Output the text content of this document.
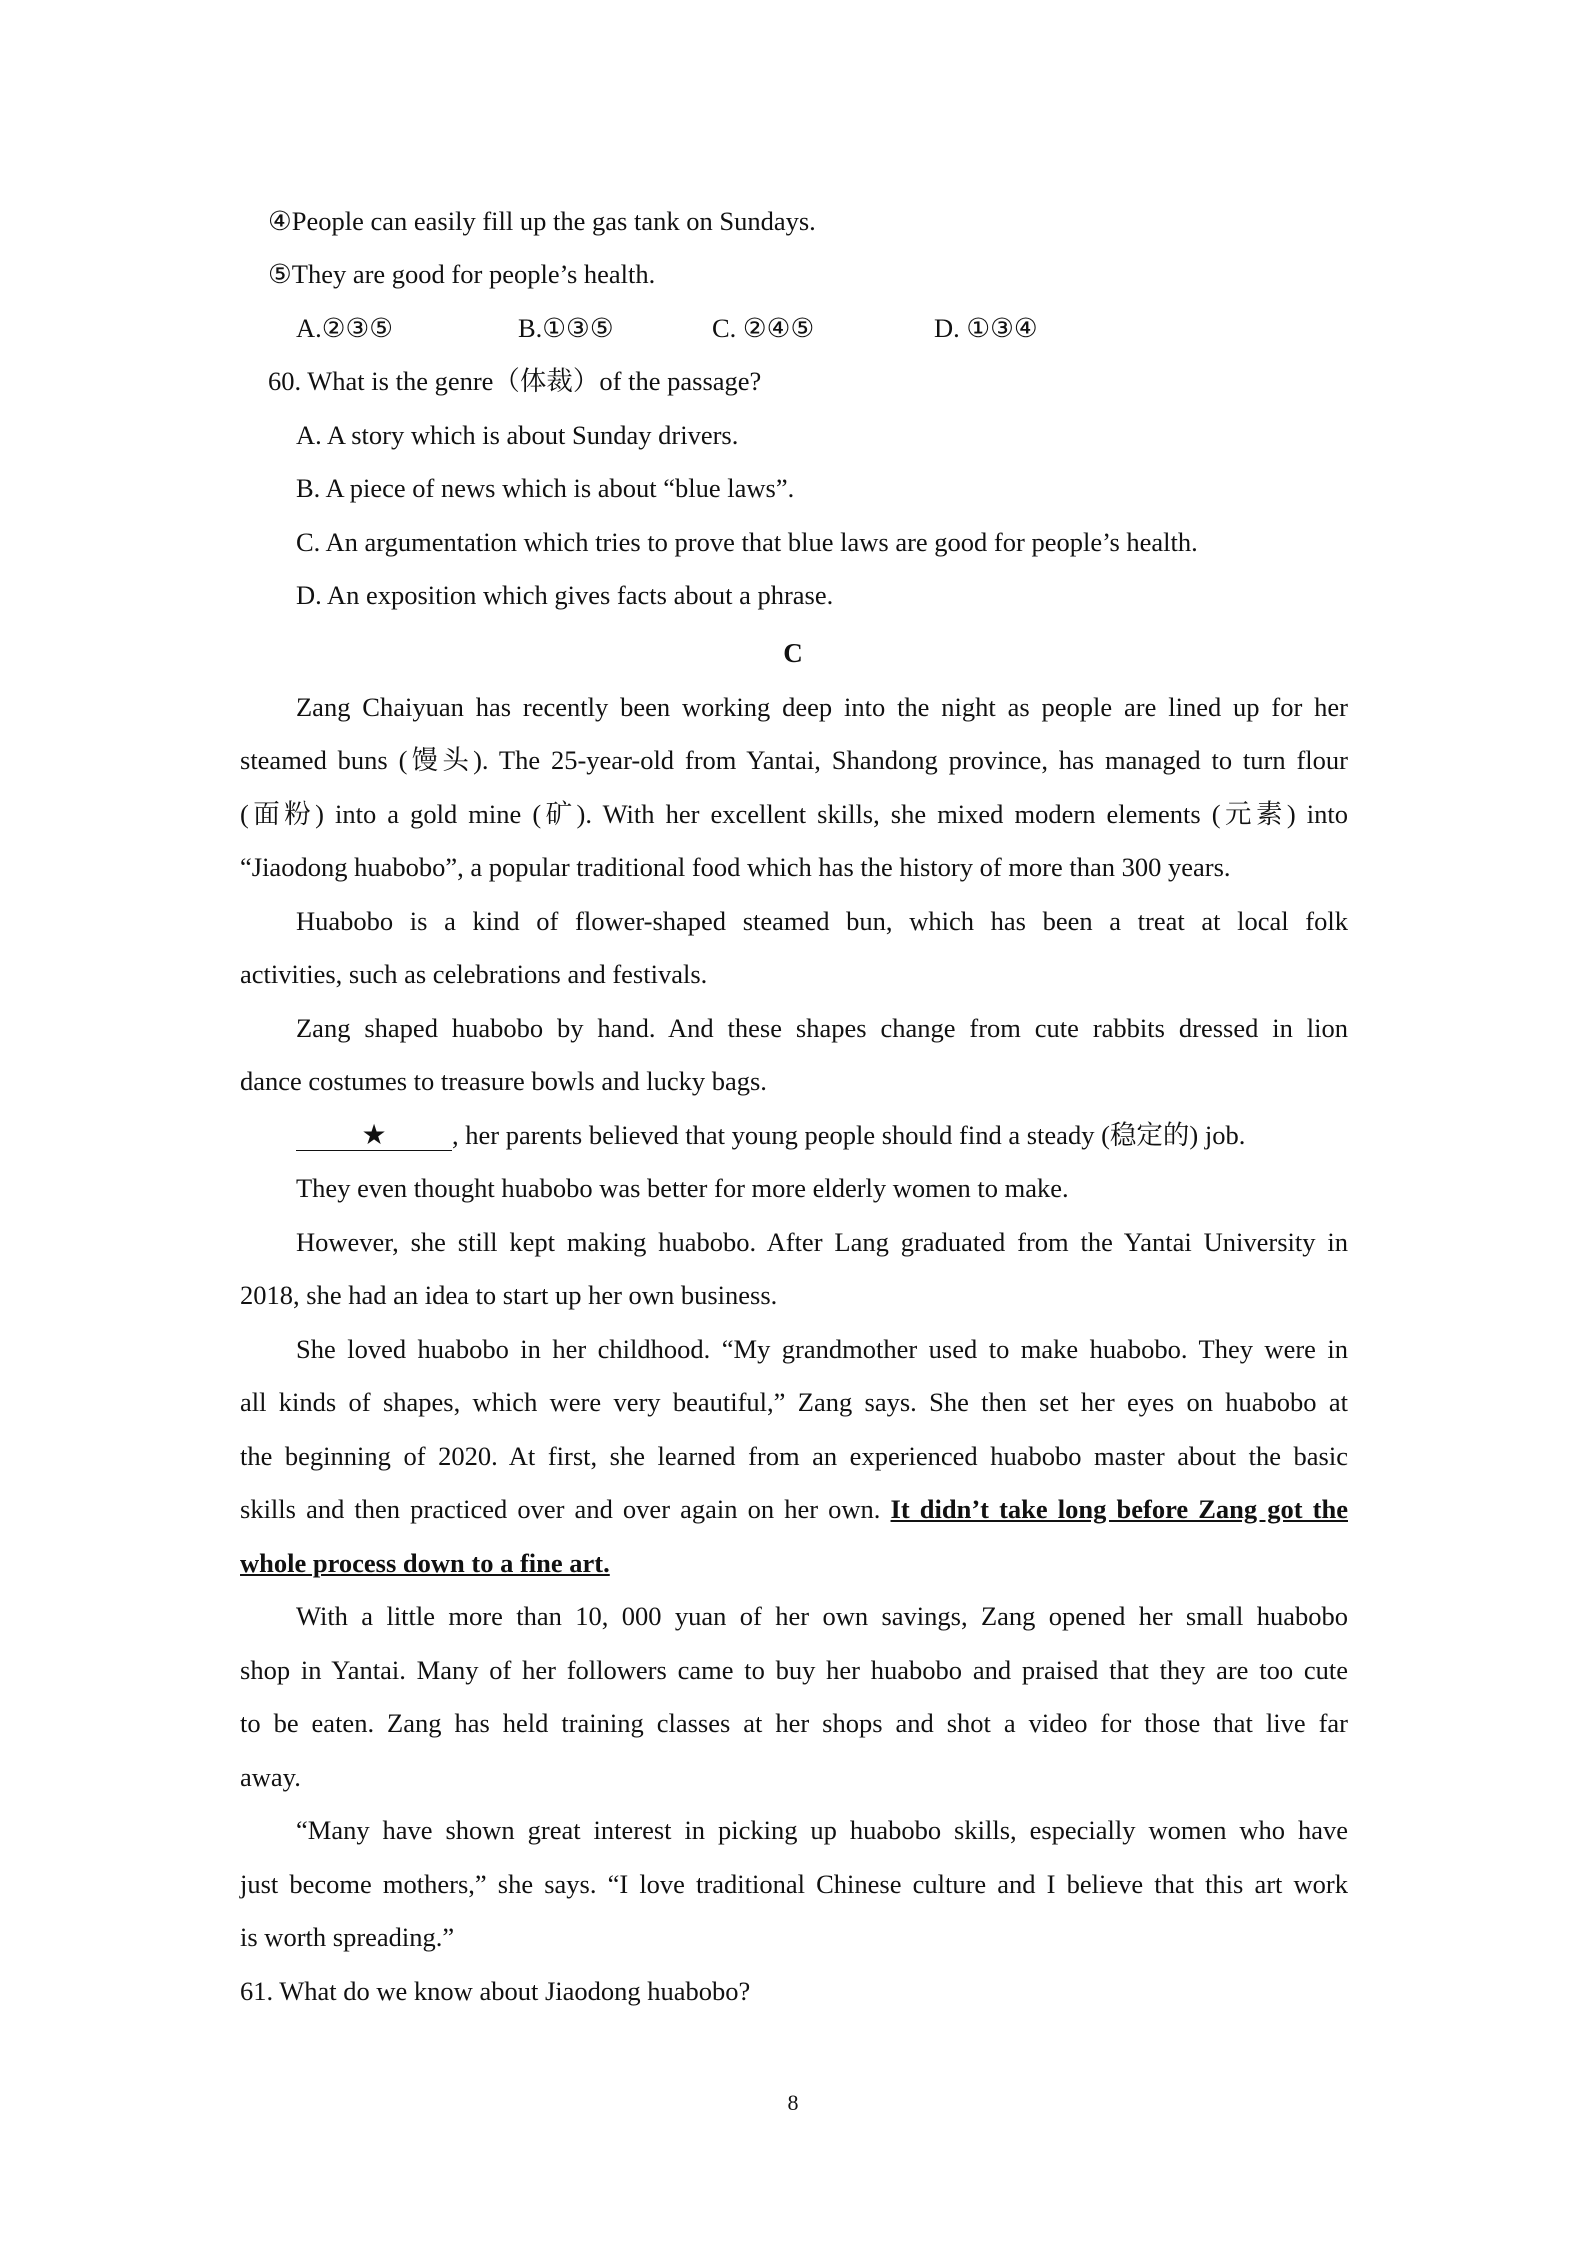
④People can easily fill up the gas tank on Sundays.
⑤They are good for people’s health.
A.②③⑤	B.①③⑤	C. ②④⑤	D. ①③④
60. What is the genre（体裁）of the passage?
A. A story which is about Sunday drivers.
B. A piece of news which is about “blue laws”.
C. An argumentation which tries to prove that blue laws are good for people’s health.
D. An exposition which gives facts about a phrase.
C
Zang Chaiyuan has recently been working deep into the night as people are lined up for her
steamed buns (馒头). The 25-year-old from Yantai, Shandong province, has managed to turn flour
(面粉) into a gold mine (矿). With her excellent skills, she mixed modern elements (元素) into
“Jiaodong huabobo”, a popular traditional food which has the history of more than 300 years.
Huabobo is a kind of flower-shaped steamed bun, which has been a treat at local folk
activities, such as celebrations and festivals.
Zang shaped huabobo by hand. And these shapes change from cute rabbits dressed in lion
dance costumes to treasure bowls and lucky bags.
★ , her parents believed that young people should find a steady (稳定的) job.
They even thought huabobo was better for more elderly women to make.
However, she still kept making huabobo. After Lang graduated from the Yantai University in
2018, she had an idea to start up her own business.
She loved huabobo in her childhood. “My grandmother used to make huabobo. They were in
all kinds of shapes, which were very beautiful,” Zang says. She then set her eyes on huabobo at
the beginning of 2020. At first, she learned from an experienced huabobo master about the basic
skills and then practiced over and over again on her own. It didn’t take long before Zang got the
whole process down to a fine art.
With a little more than 10, 000 yuan of her own savings, Zang opened her small huabobo
shop in Yantai. Many of her followers came to buy her huabobo and praised that they are too cute
to be eaten. Zang has held training classes at her shops and shot a video for those that live far
away.
“Many have shown great interest in picking up huabobo skills, especially women who have
just become mothers,” she says. “I love traditional Chinese culture and I believe that this art work
is worth spreading.”
61. What do we know about Jiaodong huabobo?
8
